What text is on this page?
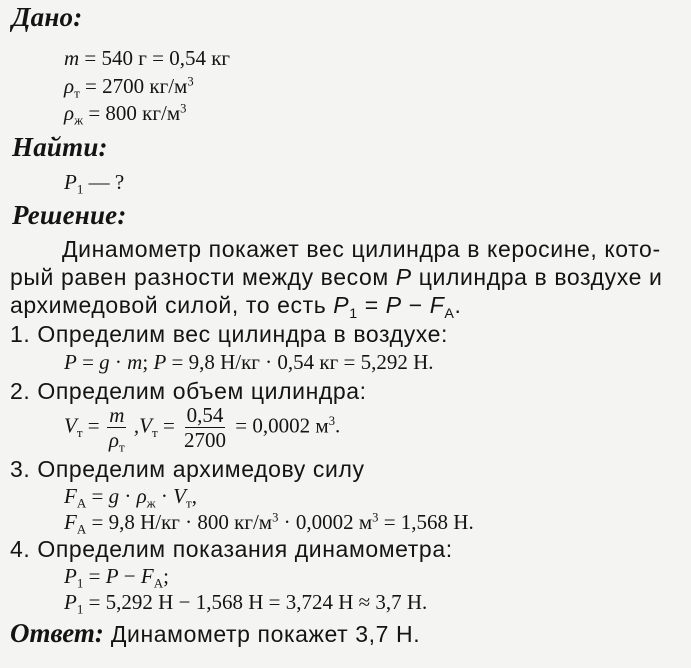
Дано:
m = 540 г = 0,54 кг
$\rho_т = 2700$ $кг/м^3$
$\rho_ж = 800$ $кг/м^3$
Найти:
$P_1$ — ?
Решение:
Динамометр покажет вес цилиндра в керосине, кото-
рый равен разности между весом P цилиндра в воздухе и
архимедовой силой, то есть $P_1 = P - F_A$.
1. Определим вес цилиндра в воздухе:
P = g · m; P = 9,8 Н/кг · 0,54 кг = 5,292 Н.
2. Определим объем цилиндра:
$V_т = \frac{m}{\rho_т} ,V_т = \frac{0,54}{2700} = 0,0002$ $м^3$.
3. Определим архимедову силу
$F_A = g \cdot \rho_ж \cdot V_т$,
$F_A = 9,8$ Н/кг · 800 $кг/м^3 \cdot 0,0002$ $м^3 = 1,568$ Н.
4. Определим показания динамометра:
$P_1 = P - F_A$;
$P_1 = 5,292$ Н − 1,568 Н = 3,724 Н ≈ 3,7 Н.
Ответ: Динамометр покажет 3,7 Н.
